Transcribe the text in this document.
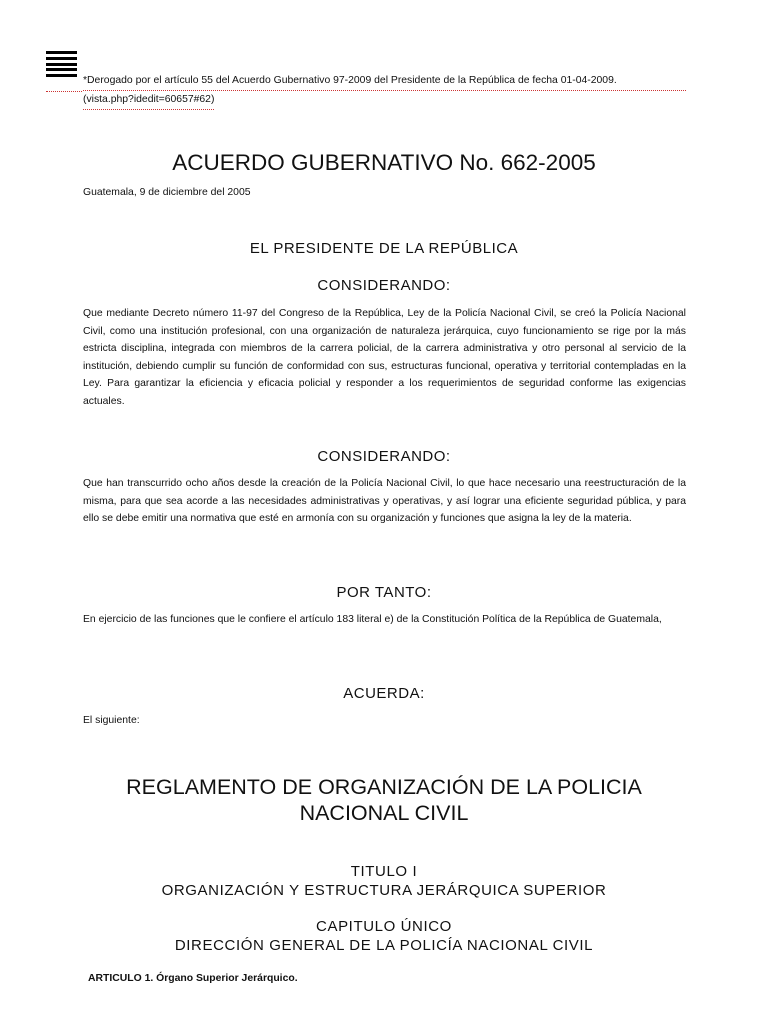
*Derogado por el artículo 55 del Acuerdo Gubernativo 97-2009 del Presidente de la República de fecha 01-04-2009.
(vista.php?idedit=60657#62)
ACUERDO GUBERNATIVO No. 662-2005
Guatemala, 9 de diciembre del 2005
EL PRESIDENTE DE LA REPÚBLICA
CONSIDERANDO:

Que mediante Decreto número 11-97 del Congreso de la República, Ley de la Policía Nacional Civil, se creó la Policía Nacional Civil, como una institución profesional, con una organización de naturaleza jerárquica, cuyo funcionamiento se rige por la más estricta disciplina, integrada con miembros de la carrera policial, de la carrera administrativa y otro personal al servicio de la institución, debiendo cumplir su función de conformidad con sus, estructuras funcional, operativa y territorial contempladas en la Ley. Para garantizar la eficiencia y eficacia policial y responder a los requerimientos de seguridad conforme las exigencias actuales.

CONSIDERANDO:

Que han transcurrido ocho años desde la creación de la Policía Nacional Civil, lo que hace necesario una reestructuración de la misma, para que sea acorde a las necesidades administrativas y operativas, y así lograr una eficiente seguridad pública, y para ello se debe emitir una normativa que esté en armonía con su organización y funciones que asigna la ley de la materia.

POR TANTO:

En ejercicio de las funciones que le confiere el artículo 183 literal e) de la Constitución Política de la República de Guatemala,

ACUERDA:

El siguiente:

REGLAMENTO DE ORGANIZACIÓN DE LA POLICIA
NACIONAL CIVIL
TITULO I
ORGANIZACIÓN Y ESTRUCTURA JERÁRQUICA SUPERIOR
CAPITULO ÚNICO
DIRECCIÓN GENERAL DE LA POLICÍA NACIONAL CIVIL
ARTICULO 1. Órgano Superior Jerárquico.
